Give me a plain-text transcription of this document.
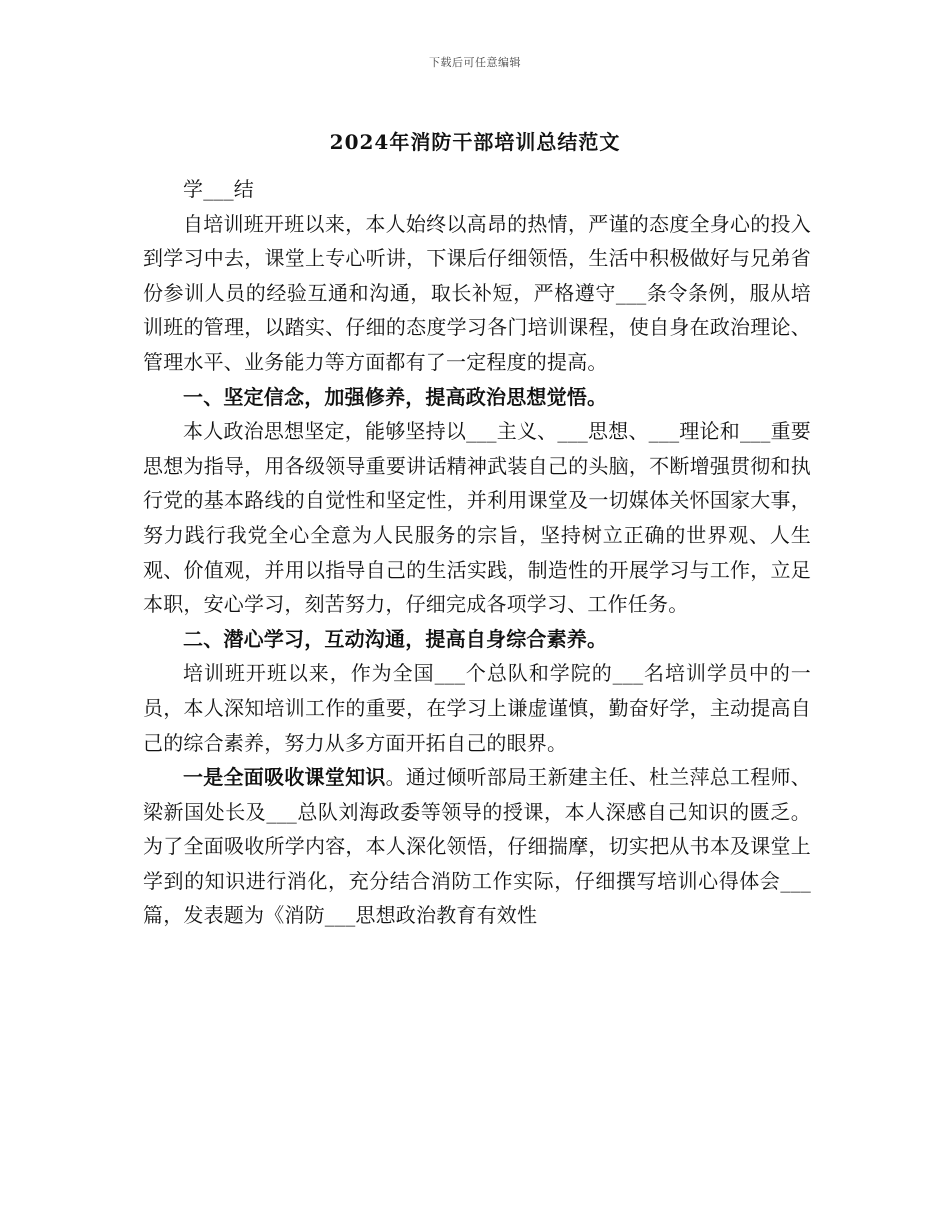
下载后可任意编辑
2024年消防干部培训总结范文

学___结

自培训班开班以来，本人始终以高昂的热情，严谨的态度全身心的投入到学习中去，课堂上专心听讲，下课后仔细领悟，生活中积极做好与兄弟省份参训人员的经验互通和沟通，取长补短，严格遵守___条令条例，服从培训班的管理，以踏实、仔细的态度学习各门培训课程，使自身在政治理论、管理水平、业务能力等方面都有了一定程度的提高。

一、坚定信念，加强修养，提高政治思想觉悟。

本人政治思想坚定，能够坚持以___主义、___思想、___理论和___重要思想为指导，用各级领导重要讲话精神武装自己的头脑，不断增强贯彻和执行党的基本路线的自觉性和坚定性，并利用课堂及一切媒体关怀国家大事，努力践行我党全心全意为人民服务的宗旨，坚持树立正确的世界观、人生观、价值观，并用以指导自己的生活实践，制造性的开展学习与工作，立足本职，安心学习，刻苦努力，仔细完成各项学习、工作任务。

二、潜心学习，互动沟通，提高自身综合素养。

培训班开班以来，作为全国___个总队和学院的___名培训学员中的一员，本人深知培训工作的重要，在学习上谦虚谨慎，勤奋好学，主动提高自己的综合素养，努力从多方面开拓自己的眼界。

一是全面吸收课堂知识。通过倾听部局王新建主任、杜兰萍总工程师、梁新国处长及___总队刘海政委等领导的授课，本人深感自己知识的匮乏。为了全面吸收所学内容，本人深化领悟，仔细揣摩，切实把从书本及课堂上学到的知识进行消化，充分结合消防工作实际，仔细撰写培训心得体会___篇，发表题为《消防___思想政治教育有效性
